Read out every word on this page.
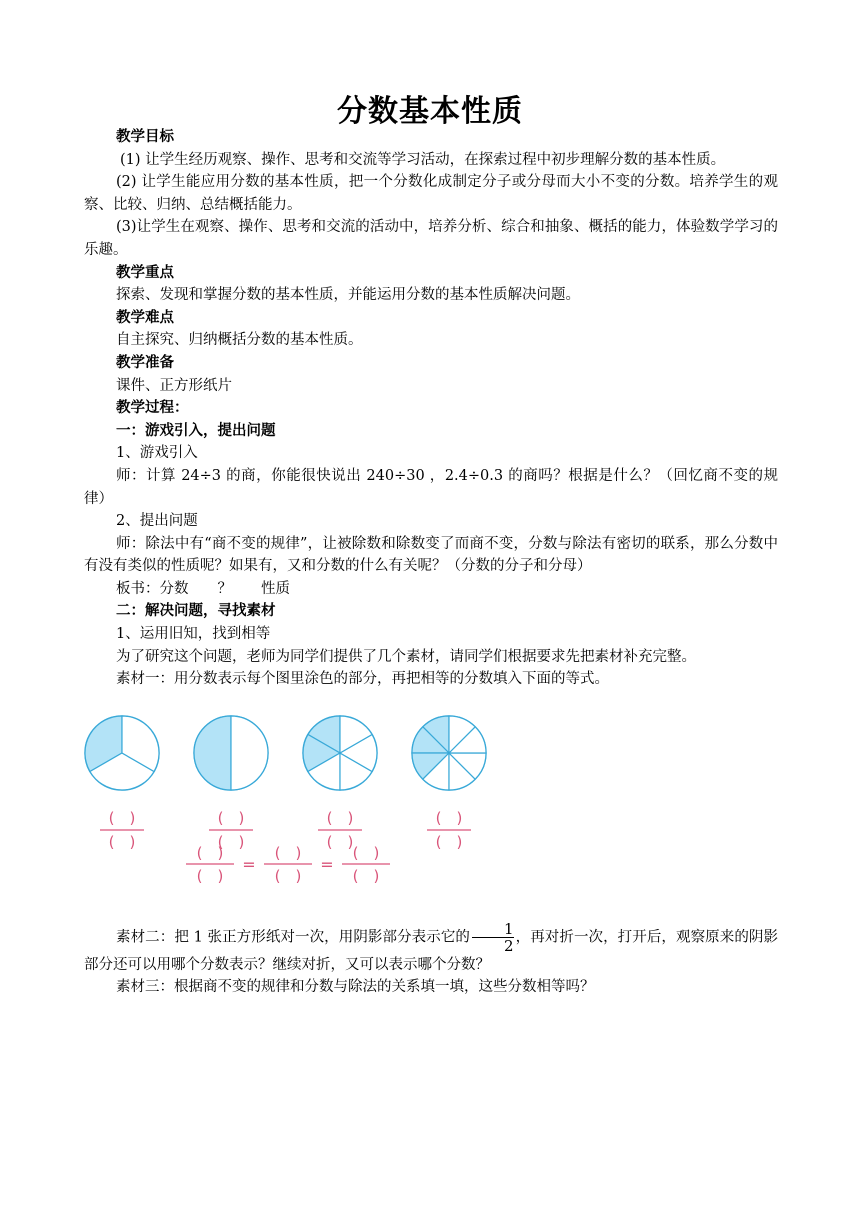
分数基本性质

教学目标

(1) 让学生经历观察、操作、思考和交流等学习活动，在探索过程中初步理解分数的基本性质。

(2) 让学生能应用分数的基本性质，把一个分数化成制定分子或分母而大小不变的分数。培养学生的观察、比较、归纳、总结概括能力。

(3)让学生在观察、操作、思考和交流的活动中，培养分析、综合和抽象、概括的能力，体验数学学习的乐趣。

教学重点

探索、发现和掌握分数的基本性质，并能运用分数的基本性质解决问题。

教学难点

自主探究、归纳概括分数的基本性质。

教学准备

课件、正方形纸片

教学过程：

一：游戏引入，提出问题

1、游戏引入

师：计算 24÷3 的商，你能很快说出 240÷30 ，2.4÷0.3 的商吗？根据是什么？（回忆商不变的规律）

2、提出问题

师：除法中有“商不变的规律”，让被除数和除数变了而商不变，分数与除法有密切的联系，那么分数中有没有类似的性质呢？如果有，又和分数的什么有关呢？（分数的分子和分母）

板书：分数　　？　　性质

二：解决问题，寻找素材

1、运用旧知，找到相等

为了研究这个问题，老师为同学们提供了几个素材，请同学们根据要求先把素材补充完整。

素材一：用分数表示每个图里涂色的部分，再把相等的分数填入下面的等式。

(　)
(　)
(　)
(　)
(　)
(　)
(　)
(　)
(　)
(　)
=
(　)
(　)
=
(　)
(　)

素材二：把 1 张正方形纸对一次，用阴影部分表示它的 $\frac{1}{2}$ ，再对折一次，打开后，观察原来的阴影部分还可以用哪个分数表示？继续对折，又可以表示哪个分数？

素材三：根据商不变的规律和分数与除法的关系填一填，这些分数相等吗？
